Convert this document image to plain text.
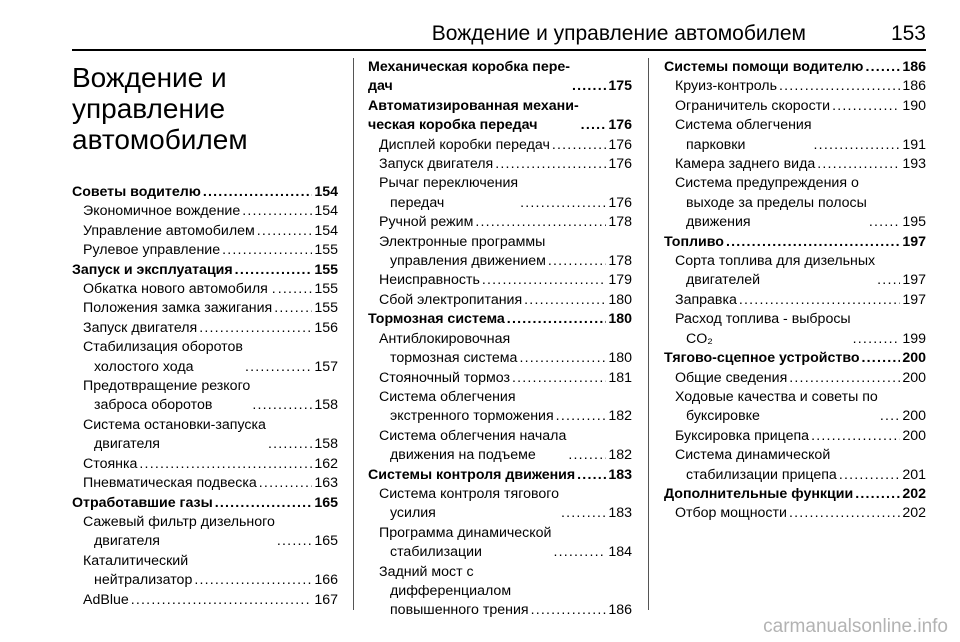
Вождение и управление автомобилем	153
Вождение и
управление
автомобилем
Советы водителю .....	154
Экономичное вождение .....	154
Управление автомобилем .....	154
Рулевое управление .....	155
Запуск и эксплуатация .....	155
Обкатка нового автомобиля . .....	155
Положения замка зажигания .....	155
Запуск двигателя .....	156
Стабилизация оборотов
холостого хода .....	157
Предотвращение резкого
заброса оборотов .....	158
Система остановки-запуска
двигателя .....	158
Стоянка .....	162
Пневматическая подвеска .....	163
Отработавшие газы .....	165
Сажевый фильтр дизельного
двигателя .....	165
Каталитический
нейтрализатор .....	166
AdBlue .....	167
Механическая коробка пере-
дач .....	175
Автоматизированная механи-
ческая коробка передач .....	176
Дисплей коробки передач .....	176
Запуск двигателя .....	176
Рычаг переключения
передач .....	176
Ручной режим .....	178
Электронные программы
управления движением .....	178
Неисправность .....	179
Сбой электропитания .....	180
Тормозная система .....	180
Антиблокировочная
тормозная система .....	180
Стояночный тормоз .....	181
Система облегчения
экстренного торможения .....	182
Система облегчения начала
движения на подъеме .....	182
Системы контроля движения ..... 183
Система контроля тягового
усилия .....	183
Программа динамической
стабилизации .....	184
Задний мост с
дифференциалом
повышенного трения .....	186
Системы помощи водителю .....	186
Круиз-контроль .....	186
Ограничитель скорости .....	190
Система облегчения
парковки .....	191
Камера заднего вида .....	193
Система предупреждения о
выходе за пределы полосы
движения .....	195
Топливо .....	197
Сорта топлива для дизельных
двигателей .....	197
Заправка .....	197
Расход топлива - выбросы
CO₂ .....	199
Тягово-сцепное устройство .....	200
Общие сведения .....	200
Ходовые качества и советы по
буксировке .....	200
Буксировка прицепа .....	200
Система динамической
стабилизации прицепа .....	201
Дополнительные функции .....	202
Отбор мощности .....	202
carmanualsonline.info
